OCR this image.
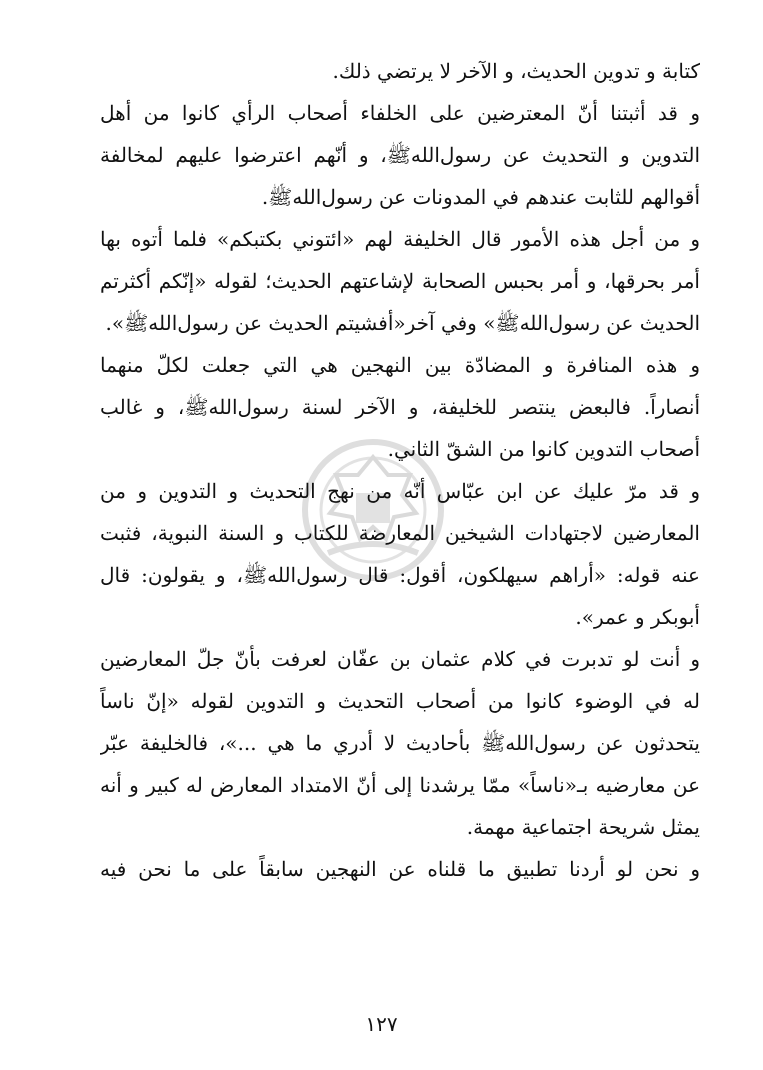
كتابة و تدوين الحديث، و الآخر لا يرتضي ذلك.
و قد أثبتنا أنّ المعترضين على الخلفاء أصحاب الرأي كانوا من أهل
التدوين و التحديث عن رسول‌اللهﷺ، و أنّهم اعترضوا عليهم لمخالفة
أقوالهم للثابت عندهم في المدونات عن رسول‌اللهﷺ.
و من أجل هذه الأمور قال الخليفة لهم «ائتوني بكتبكم» فلما أتوه بها
أمر بحرقها، و أمر بحبس الصحابة لإشاعتهم الحديث؛ لقوله «إنّكم أكثرتم
الحديث عن رسول‌اللهﷺ» وفي آخر«أفشيتم الحديث عن رسول‌اللهﷺ».
و هذه المنافرة و المضادّة بين النهجين هي التي جعلت لكلّ منهما
أنصاراً. فالبعض ينتصر للخليفة، و الآخر لسنة رسول‌اللهﷺ، و غالب
أصحاب التدوين كانوا من الشقّ الثاني.
و قد مرّ عليك عن ابن عبّاس أنّه من نهج التحديث و التدوين و من
المعارضين لاجتهادات الشيخين المعارضة للكتاب و السنة النبوية، فثبت
عنه قوله: «أراهم سيهلكون، أقول: قال رسول‌اللهﷺ، و يقولون: قال
أبوبكر و عمر».
و أنت لو تدبرت في كلام عثمان بن عفّان لعرفت بأنّ جلّ المعارضين
له في الوضوء كانوا من أصحاب التحديث و التدوين لقوله «إنّ ناساً
يتحدثون عن رسول‌اللهﷺ بأحاديث لا أدري ما هي ...»، فالخليفة عبّر
عن معارضيه بـ«ناساً» ممّا يرشدنا إلى أنّ الامتداد المعارض له كبير و أنه
يمثل شريحة اجتماعية مهمة.
و نحن لو أردنا تطبيق ما قلناه عن النهجين سابقاً على ما نحن فيه
١٢٧
